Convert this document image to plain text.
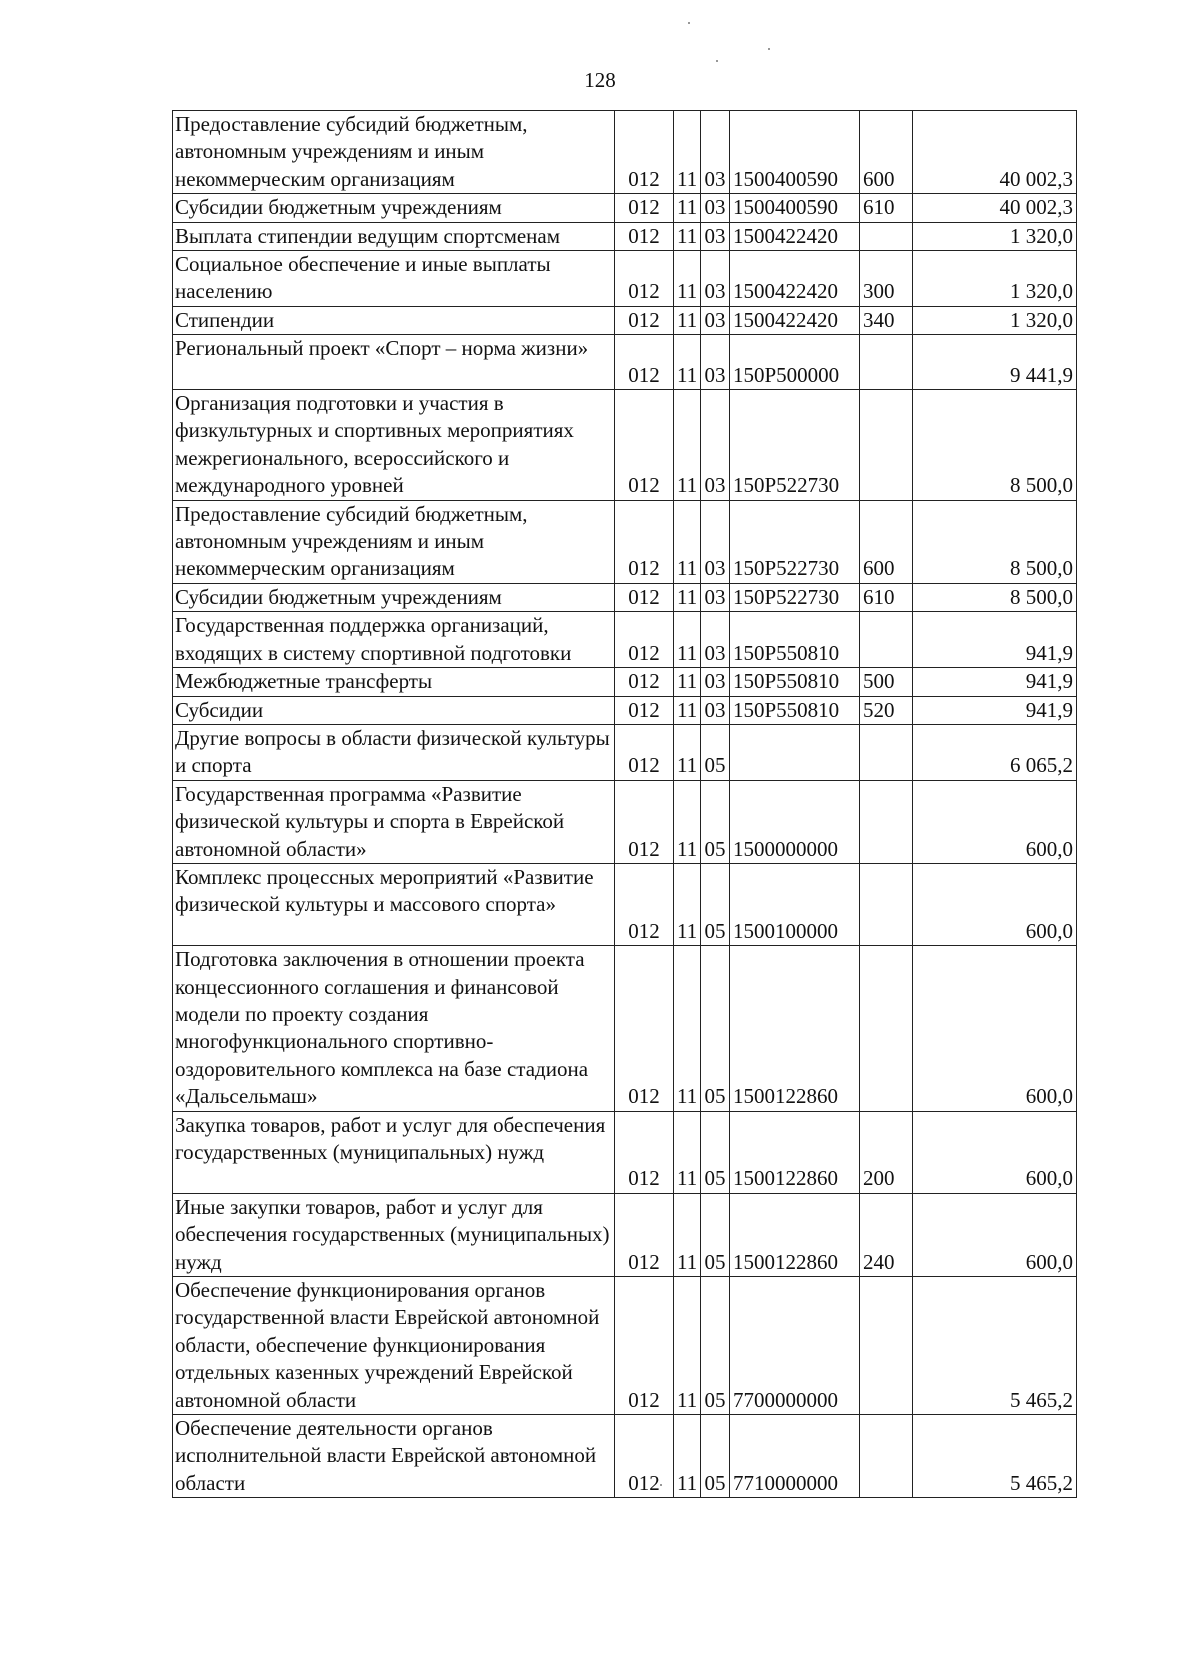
128
Предоставление субсидий бюджетным, автономным учреждениям и иным некоммерческим организациям	012	11	03	1500400590	600	40 002,3
Субсидии бюджетным учреждениям	012	11	03	1500400590	610	40 002,3
Выплата стипендии ведущим спортсменам	012	11	03	1500422420		1 320,0
Социальное обеспечение и иные выплаты населению	012	11	03	1500422420	300	1 320,0
Стипендии	012	11	03	1500422420	340	1 320,0
Региональный проект «Спорт – норма жизни»	012	11	03	150P500000		9 441,9
Организация подготовки и участия в физкультурных и спортивных мероприятиях межрегионального, всероссийского и международного уровней	012	11	03	150P522730		8 500,0
Предоставление субсидий бюджетным, автономным учреждениям и иным некоммерческим организациям	012	11	03	150P522730	600	8 500,0
Субсидии бюджетным учреждениям	012	11	03	150P522730	610	8 500,0
Государственная поддержка организаций, входящих в систему спортивной подготовки	012	11	03	150P550810		941,9
Межбюджетные трансферты	012	11	03	150P550810	500	941,9
Субсидии	012	11	03	150P550810	520	941,9
Другие вопросы в области физической культуры и спорта	012	11	05			6 065,2
Государственная программа «Развитие физической культуры и спорта в Еврейской автономной области»	012	11	05	1500000000		600,0
Комплекс процессных мероприятий «Развитие физической культуры и массового спорта»	012	11	05	1500100000		600,0
Подготовка заключения в отношении проекта концессионного соглашения и финансовой модели по проекту создания многофункционального спортивно-оздоровительного комплекса на базе стадиона «Дальсельмаш»	012	11	05	1500122860		600,0
Закупка товаров, работ и услуг для обеспечения государственных (муниципальных) нужд	012	11	05	1500122860	200	600,0
Иные закупки товаров, работ и услуг для обеспечения государственных (муниципальных) нужд	012	11	05	1500122860	240	600,0
Обеспечение функционирования органов государственной власти Еврейской автономной области, обеспечение функционирования отдельных казенных учреждений Еврейской автономной области	012	11	05	7700000000		5 465,2
Обеспечение деятельности органов исполнительной власти Еврейской автономной области	012	11	05	7710000000		5 465,2
